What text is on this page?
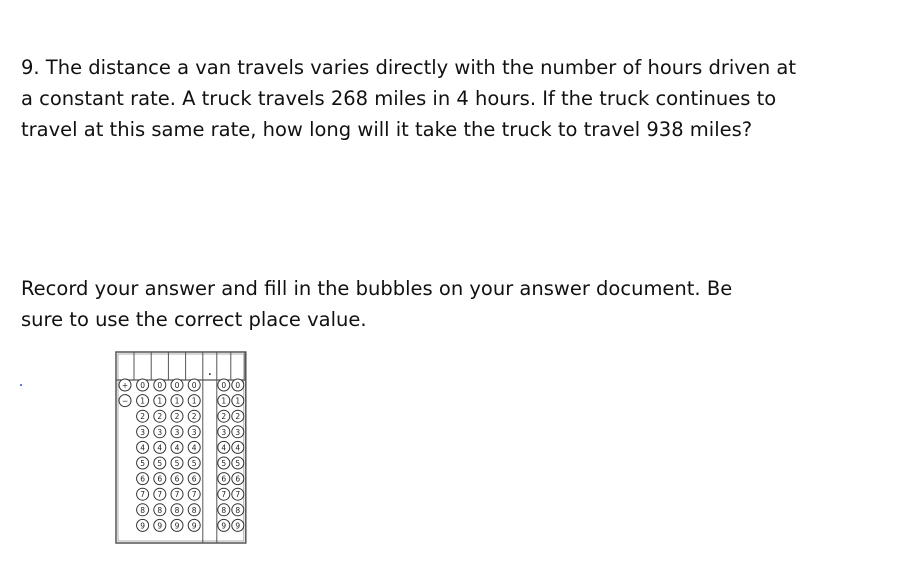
9. The distance a van travels varies directly with the number of hours driven at
a constant rate. A truck travels 268 miles in 4 hours. If the truck continues to
travel at this same rate, how long will it take the truck to travel 938 miles?
Record your answer and fill in the bubbles on your answer document. Be
sure to use the correct place value.
.
+
−
0 0 0 0	0 0
1 1 1 1	1 1
2 2 2 2	2 2
3 3 3 3	3 3
4 4 4 4	4 4
5 5 5 5	5 5
6 6 6 6	6 6
7 7 7 7	7 7
8 8 8 8	8 8
9 9 9 9	9 9
